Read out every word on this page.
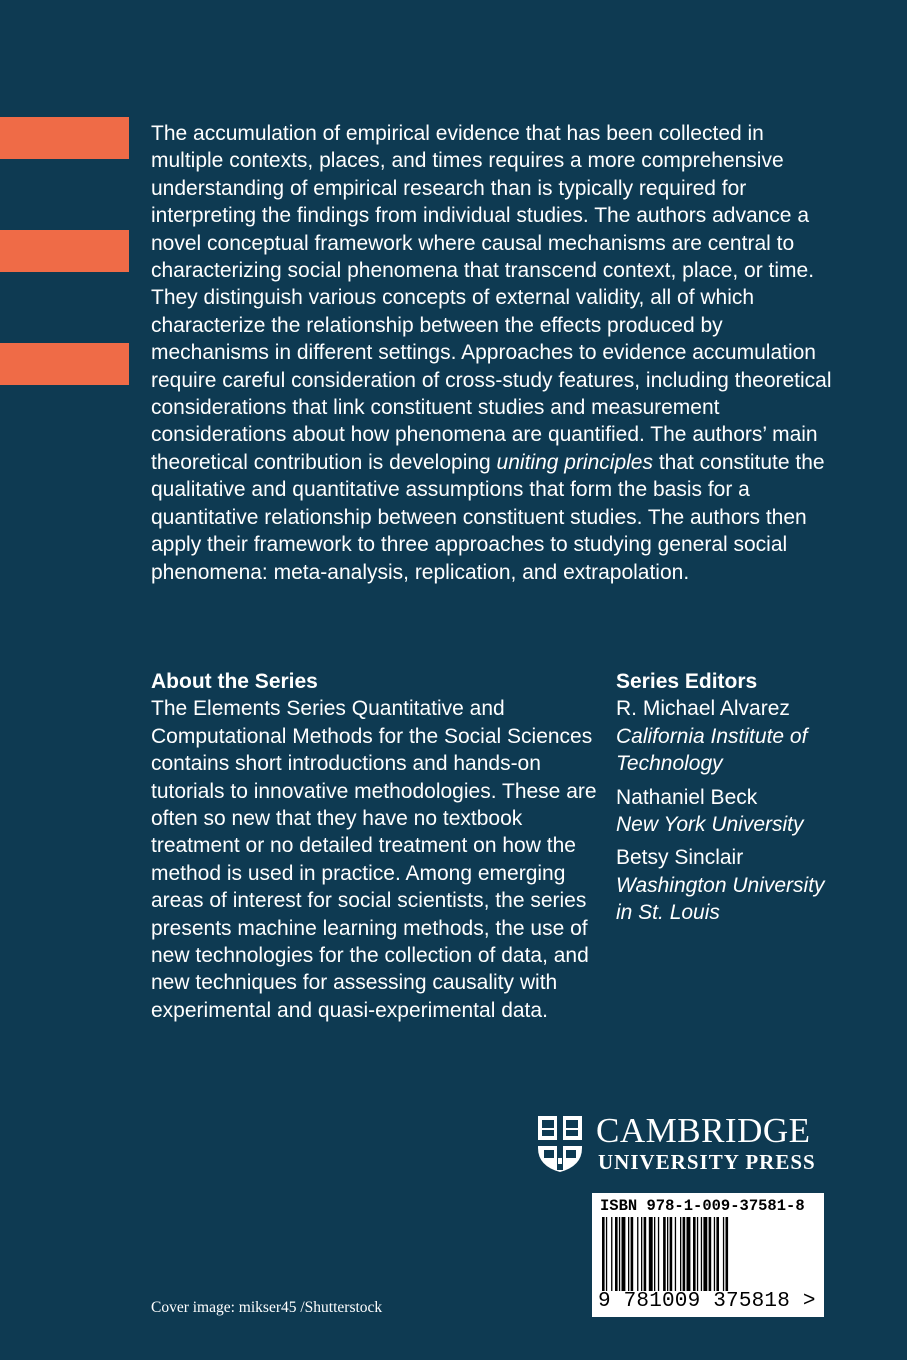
The accumulation of empirical evidence that has been collected in multiple contexts, places, and times requires a more comprehensive understanding of empirical research than is typically required for interpreting the findings from individual studies. The authors advance a novel conceptual framework where causal mechanisms are central to characterizing social phenomena that transcend context, place, or time. They distinguish various concepts of external validity, all of which characterize the relationship between the effects produced by mechanisms in different settings. Approaches to evidence accumulation require careful consideration of cross-study features, including theoretical considerations that link constituent studies and measurement considerations about how phenomena are quantified. The authors’ main theoretical contribution is developing uniting principles that constitute the qualitative and quantitative assumptions that form the basis for a quantitative relationship between constituent studies. The authors then apply their framework to three approaches to studying general social phenomena: meta-analysis, replication, and extrapolation.

About the Series

The Elements Series Quantitative and Computational Methods for the Social Sciences contains short introductions and hands-on tutorials to innovative methodologies. These are often so new that they have no textbook treatment or no detailed treatment on how the method is used in practice. Among emerging areas of interest for social scientists, the series presents machine learning methods, the use of new technologies for the collection of data, and new techniques for assessing causality with experimental and quasi-experimental data.

Series Editors

R. Michael Alvarez
California Institute of Technology

Nathaniel Beck
New York University

Betsy Sinclair
Washington University in St. Louis

CAMBRIDGE
UNIVERSITY PRESS
ISBN 978-1-009-37581-8
9 781009 375818 >
Cover image: mikser45 /Shutterstock
